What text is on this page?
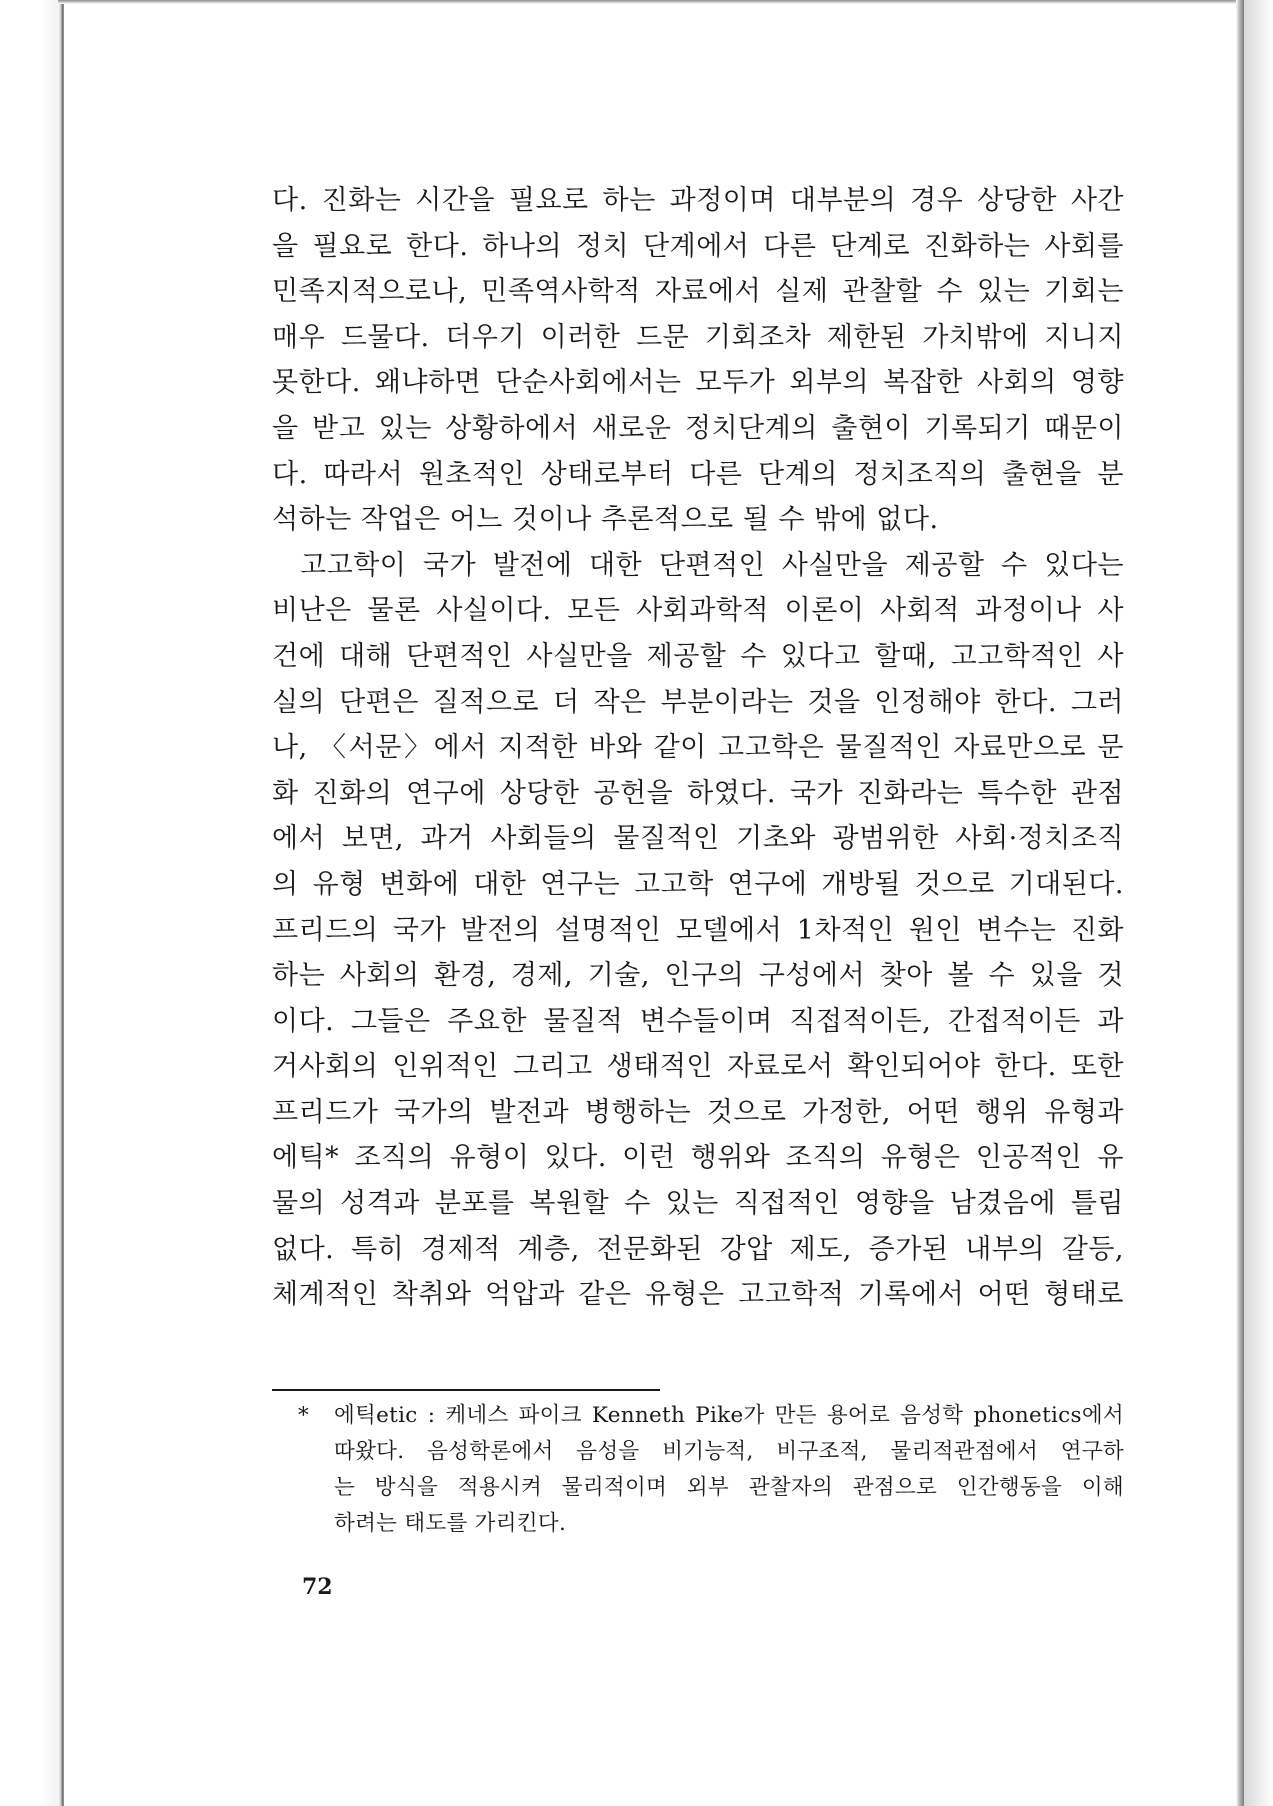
다. 진화는 시간을 필요로 하는 과정이며 대부분의 경우 상당한 사간
을 필요로 한다. 하나의 정치 단계에서 다른 단계로 진화하는 사회를
민족지적으로나, 민족역사학적 자료에서 실제 관찰할 수 있는 기회는
매우 드물다. 더우기 이러한 드문 기회조차 제한된 가치밖에 지니지
못한다. 왜냐하면 단순사회에서는 모두가 외부의 복잡한 사회의 영향
을 받고 있는 상황하에서 새로운 정치단계의 출현이 기록되기 때문이
다. 따라서 원초적인 상태로부터 다른 단계의 정치조직의 출현을 분
석하는 작업은 어느 것이나 추론적으로 될 수 밖에 없다.
고고학이 국가 발전에 대한 단편적인 사실만을 제공할 수 있다는
비난은 물론 사실이다. 모든 사회과학적 이론이 사회적 과정이나 사
건에 대해 단편적인 사실만을 제공할 수 있다고 할때, 고고학적인 사
실의 단편은 질적으로 더 작은 부분이라는 것을 인정해야 한다. 그러
나, 〈서문〉에서 지적한 바와 같이 고고학은 물질적인 자료만으로 문
화 진화의 연구에 상당한 공헌을 하였다. 국가 진화라는 특수한 관점
에서 보면, 과거 사회들의 물질적인 기초와 광범위한 사회·정치조직
의 유형 변화에 대한 연구는 고고학 연구에 개방될 것으로 기대된다.
프리드의 국가 발전의 설명적인 모델에서 1차적인 원인 변수는 진화
하는 사회의 환경, 경제, 기술, 인구의 구성에서 찾아 볼 수 있을 것
이다. 그들은 주요한 물질적 변수들이며 직접적이든, 간접적이든 과
거사회의 인위적인 그리고 생태적인 자료로서 확인되어야 한다. 또한
프리드가 국가의 발전과 병행하는 것으로 가정한, 어떤 행위 유형과
에틱* 조직의 유형이 있다. 이런 행위와 조직의 유형은 인공적인 유
물의 성격과 분포를 복원할 수 있는 직접적인 영향을 남겼음에 틀림
없다. 특히 경제적 계층, 전문화된 강압 제도, 증가된 내부의 갈등,
체계적인 착취와 억압과 같은 유형은 고고학적 기록에서 어떤 형태로
*	에틱etic : 케네스 파이크 Kenneth Pike가 만든 용어로 음성학 phonetics에서
따왔다. 음성학론에서 음성을 비기능적, 비구조적, 물리적관점에서 연구하
는 방식을 적용시켜 물리적이며 외부 관찰자의 관점으로 인간행동을 이해
하려는 태도를 가리킨다.
72
